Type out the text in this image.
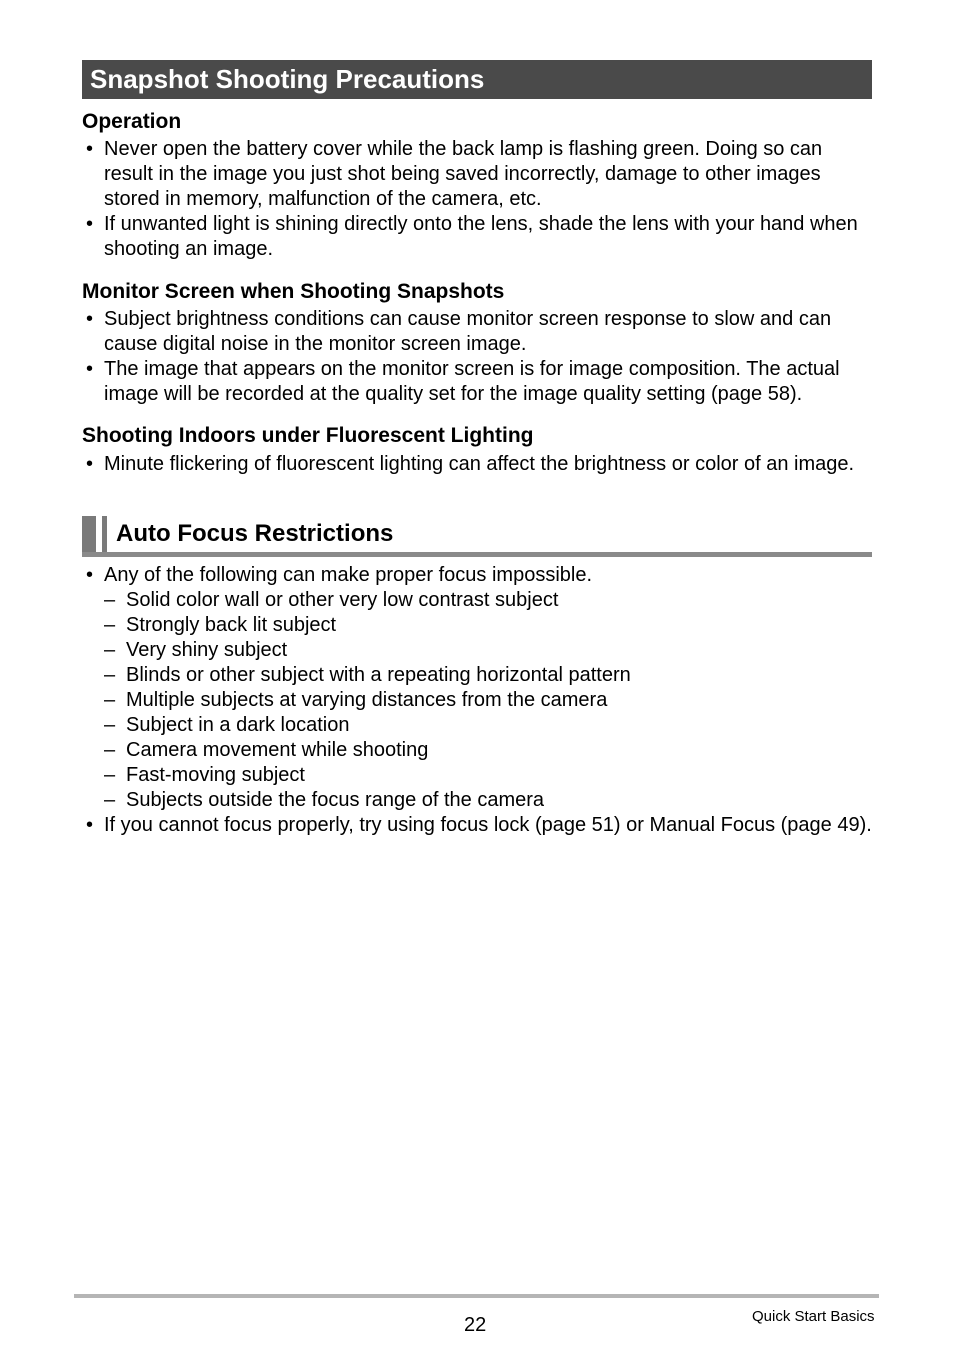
Snapshot Shooting Precautions
Operation
• Never open the battery cover while the back lamp is flashing green. Doing so can result in the image you just shot being saved incorrectly, damage to other images stored in memory, malfunction of the camera, etc.
• If unwanted light is shining directly onto the lens, shade the lens with your hand when shooting an image.
Monitor Screen when Shooting Snapshots
• Subject brightness conditions can cause monitor screen response to slow and can cause digital noise in the monitor screen image.
• The image that appears on the monitor screen is for image composition. The actual image will be recorded at the quality set for the image quality setting (page 58).
Shooting Indoors under Fluorescent Lighting
• Minute flickering of fluorescent lighting can affect the brightness or color of an image.
Auto Focus Restrictions
• Any of the following can make proper focus impossible.
– Solid color wall or other very low contrast subject
– Strongly back lit subject
– Very shiny subject
– Blinds or other subject with a repeating horizontal pattern
– Multiple subjects at varying distances from the camera
– Subject in a dark location
– Camera movement while shooting
– Fast-moving subject
– Subjects outside the focus range of the camera
• If you cannot focus properly, try using focus lock (page 51) or Manual Focus (page 49).
22	Quick Start Basics
